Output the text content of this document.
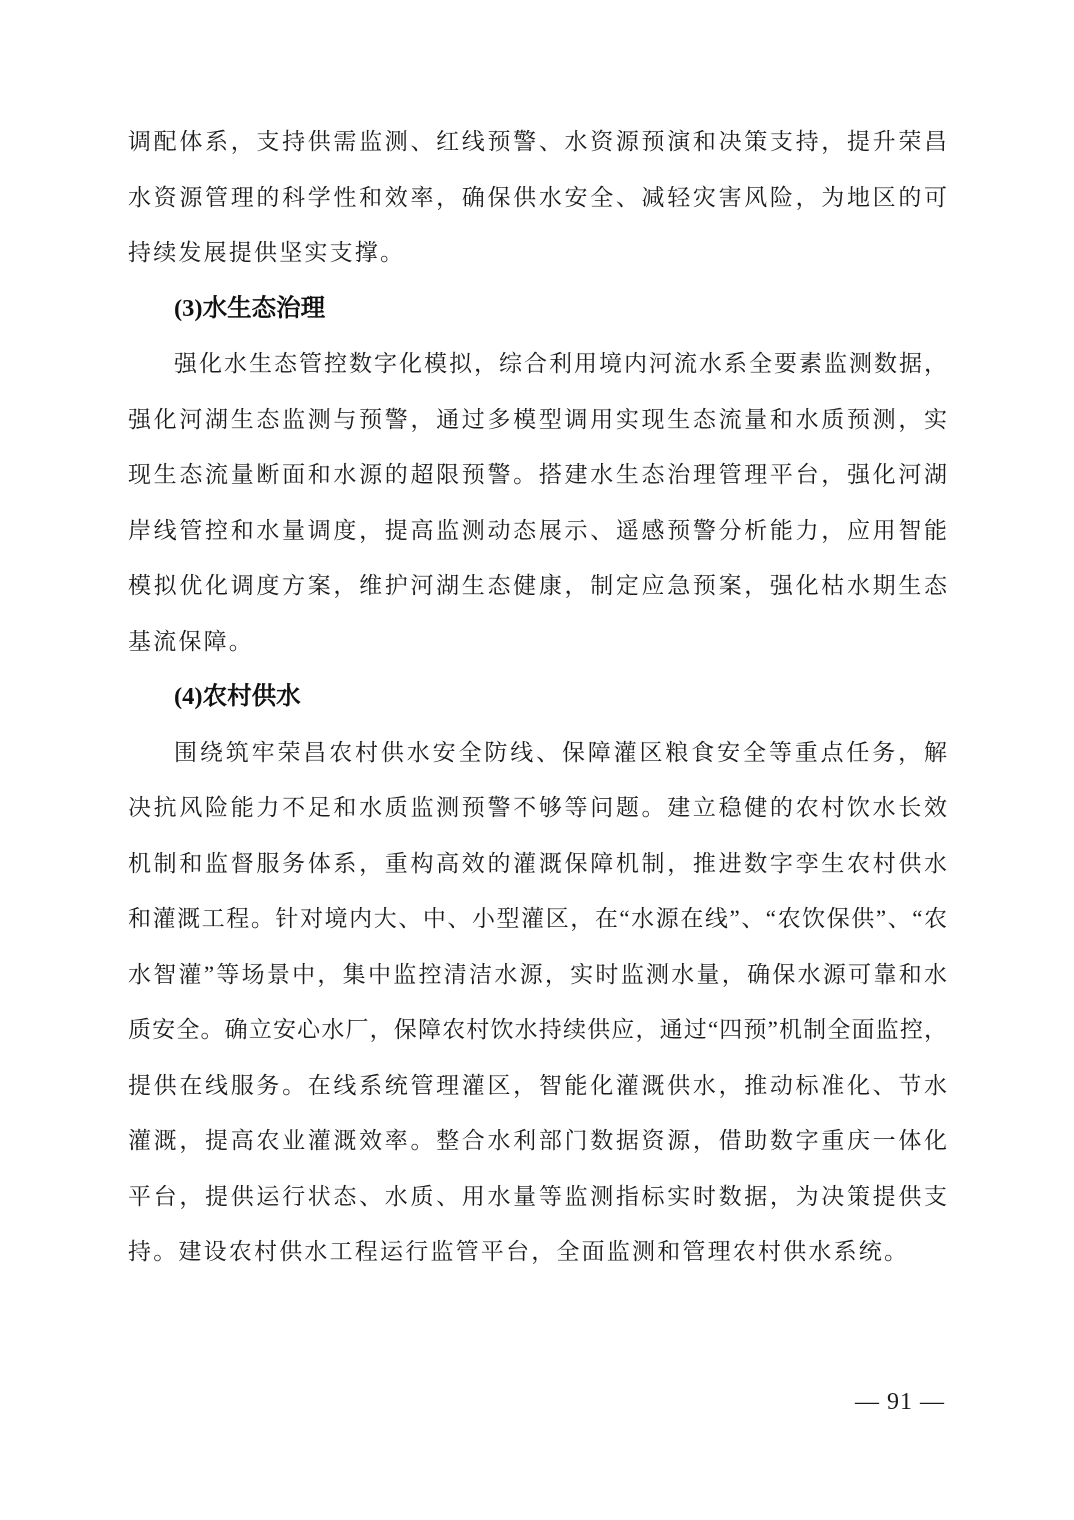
调配体系，支持供需监测、红线预警、水资源预演和决策支持，提升荣昌
水资源管理的科学性和效率，确保供水安全、减轻灾害风险，为地区的可
持续发展提供坚实支撑。
(3)水生态治理
强化水生态管控数字化模拟，综合利用境内河流水系全要素监测数据，
强化河湖生态监测与预警，通过多模型调用实现生态流量和水质预测，实
现生态流量断面和水源的超限预警。搭建水生态治理管理平台，强化河湖
岸线管控和水量调度，提高监测动态展示、遥感预警分析能力，应用智能
模拟优化调度方案，维护河湖生态健康，制定应急预案，强化枯水期生态
基流保障。
(4)农村供水
围绕筑牢荣昌农村供水安全防线、保障灌区粮食安全等重点任务，解
决抗风险能力不足和水质监测预警不够等问题。建立稳健的农村饮水长效
机制和监督服务体系，重构高效的灌溉保障机制，推进数字孪生农村供水
和灌溉工程。针对境内大、中、小型灌区，在“水源在线”、“农饮保供”、“农
水智灌”等场景中，集中监控清洁水源，实时监测水量，确保水源可靠和水
质安全。确立安心水厂，保障农村饮水持续供应，通过“四预”机制全面监控，
提供在线服务。在线系统管理灌区，智能化灌溉供水，推动标准化、节水
灌溉，提高农业灌溉效率。整合水利部门数据资源，借助数字重庆一体化
平台，提供运行状态、水质、用水量等监测指标实时数据，为决策提供支
持。建设农村供水工程运行监管平台，全面监测和管理农村供水系统。
— 91 —
